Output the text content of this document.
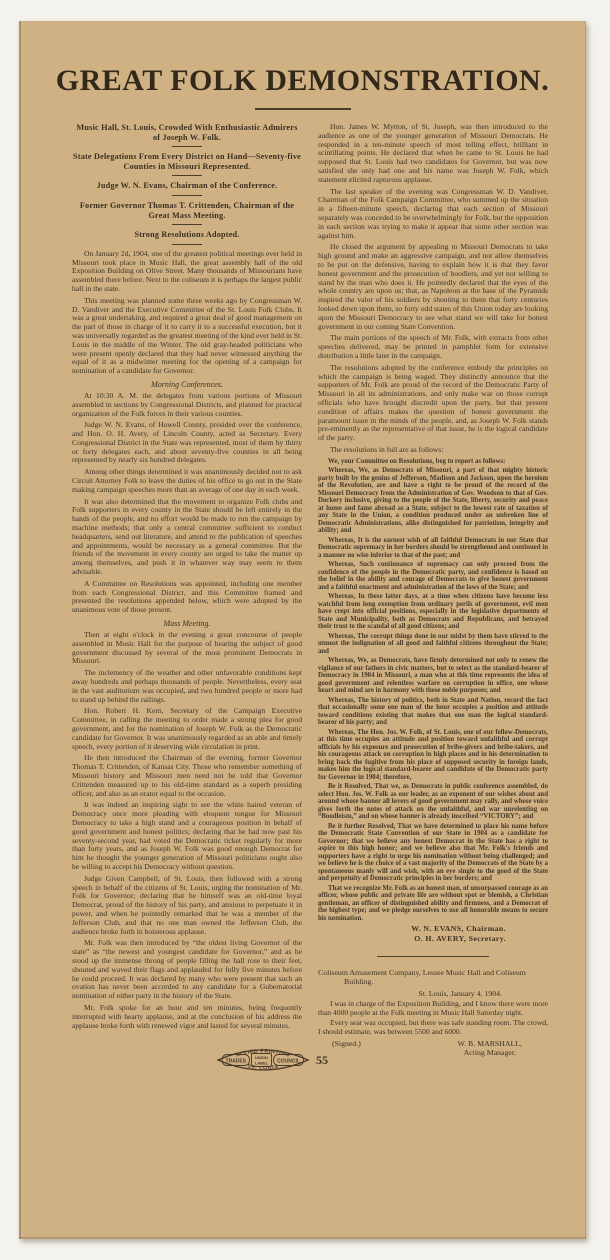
GREAT FOLK DEMONSTRATION.
Music Hall, St. Louis, Crowded With Enthusiastic Admirers of Joseph W. Folk.
State Delegations From Every District on Hand—Seventy-five Counties in Missouri Represented.
Judge W. N. Evans, Chairman of the Conference.
Former Governor Thomas T. Crittenden, Chairman of the Great Mass Meeting.
Strong Resolutions Adopted.

On January 2d, 1904, one of the greatest political meetings ever held in Missouri took place in Music Hall, the great assembly hall of the old Exposition Building on Olive Street. Many thousands of Missourians have assembled there before. Next to the coliseum it is perhaps the largest public hall in the state.

This meeting was planned some three weeks ago by Congressman W. D. Vandiver and the Executive Committee of the St. Louis Folk Clubs. It was a great undertaking, and required a great deal of good management on the part of those in charge of it to carry it to a successful execution, but it was universally regarded as the greatest meeting of the kind ever held in St. Louis in the middle of the Winter. The old gray-headed politicians who were present openly declared that they had never witnessed anything the equal of it as a midwinter meeting for the opening of a campaign for nomination of a candidate for Governor.

Morning Conferences.

At 10:30 A. M. the delegates from various portions of Missouri assembled in sections by Congressional Districts, and planned for practical organization of the Folk forces in their various counties.

Judge W. N. Evans, of Howell County, presided over the conference, and Hon. O. H. Avery, of Lincoln County, acted as Secretary. Every Congressional District in the State was represented, most of them by thirty or forty delegates each, and about seventy-five counties in all being represented by nearly six hundred delegates.

Among other things determined it was unanimously decided not to ask Circuit Attorney Folk to leave the duties of his office to go out in the State making campaign speeches more than an average of one day in each week.

It was also determined that the movement to organize Folk clubs and Folk supporters in every county in the State should be left entirely in the hands of the people, and no effort would be made to run the campaign by machine methods; that only a central committee sufficient to conduct headquarters, send out literature, and attend to the publication of speeches and appointments, would be necessary as a general committee. But the friends of the movement in every county are urged to take the matter up among themselves, and push it in whatever way may seem to them advisable.

A Committee on Resolutions was appointed, including one member from each Congressional District, and this Committee framed and presented the resolutions appended below, which were adopted by the unanimous vote of those present.

Mass Meeting.

Then at eight o'clock in the evening a great concourse of people assembled in Music Hall for the purpose of hearing the subject of good government discussed by several of the most prominent Democrats in Missouri.

The inclemency of the weather and other unfavorable conditions kept away hundreds and perhaps thousands of people. Nevertheless, every seat in the vast auditorium was occupied, and two hundred people or more had to stand up behind the railings.

Hon. Robert H. Kern, Secretary of the Campaign Executive Committee, in calling the meeting to order made a strong plea for good government, and for the nomination of Joseph W. Folk as the Democratic candidate for Governor. It was unanimously regarded as an able and timely speech, every portion of it deserving wide circulation in print.

He then introduced the Chairman of the evening, former Governor Thomas T. Crittenden, of Kansas City. Those who remember something of Missouri history and Missouri men need not be told that Governor Crittenden measured up to his old-time standard as a superb presiding officer, and also as an orator equal to the occasion.

It was indeed an inspiring sight to see the white haired veteran of Democracy once more pleading with eloquent tongue for Missouri Democracy to take a high stand and a courageous position in behalf of good government and honest politics; declaring that he had now past his seventy-second year, had voted the Democratic ticket regularly for more than forty years, and as Joseph W. Folk was good enough Democrat for him he thought the younger generation of Missouri politicians ought also be willing to accept his Democracy without question.

Judge Given Campbell, of St. Louis, then followed with a strong speech in behalf of the citizens of St. Louis, urging the nomination of Mr. Folk for Governor; declaring that he himself was an old-time loyal Democrat, proud of the history of his party, and anxious to perpetuate it in power, and when he pointedly remarked that he was a member of the Jefferson Club, and that no one man owned the Jefferson Club, the audience broke forth in boisterous applause.

Mr. Folk was then introduced by “the oldest living Governor of the state” as “the newest and youngest candidate for Governor,” and as he stood up the immense throng of people filling the hall rose to their feet, shouted and waved their flags and applauded for fully five minutes before he could proceed. It was declared by many who were present that such an ovation has never been accorded to any candidate for a Gubernatorial nomination of either party in the history of the State.

Mr. Folk spoke for an hour and ten minutes, being frequently interrupted with hearty applause, and at the conclusion of his address the applause broke forth with renewed vigor and lasted for several minutes.

ALLIED PRINTING
ST. LOUIS
TRADES
UNION
LABEL COUNCIL 55

Hon. James W. Mytton, of St. Joseph, was then introduced to the audience as one of the younger generation of Missouri Democrats. He responded in a ten-minute speech of most telling effect, brilliant in scintillating points. He declared that when he came to St. Louis he had supposed that St. Louis had two candidates for Governor, but was now satisfied she only had one and his name was Joseph W. Folk, which statement elicited rapturous applause.

The last speaker of the evening was Congressman W. D. Vandiver, Chairman of the Folk Campaign Committee, who summed up the situation in a fifteen-minute speech, declaring that each section of Missouri separately was conceded to be overwhelmingly for Folk, but the opposition in each section was trying to make it appear that some other section was against him.

He closed the argument by appealing to Missouri Democrats to take high ground and make an aggressive campaign, and not allow themselves to be put on the defensive, having to explain how it is that they favor honest government and the prosecution of boodlers, and yet not willing to stand by the man who does it. He pointedly declared that the eyes of the whole country are upon us; that, as Napoleon at the base of the Pyramids inspired the valor of his soldiers by shouting to them that forty centuries looked down upon them, so forty odd states of this Union today are looking upon the Missouri Democracy to see what stand we will take for honest government in our coming State Convention.

The main portions of the speech of Mr. Folk, with extracts from other speeches delivered, may be printed in pamphlet form for extensive distribution a little later in the campaign.

The resolutions adopted by the conference embody the principles on which the campaign is being waged. They distinctly announce that the supporters of Mr. Folk are proud of the record of the Democratic Party of Missouri in all its administrations, and only make war on those corrupt officials who have brought discredit upon the party, but that present condition of affairs makes the question of honest government the paramount issue in the minds of the people, and, as Joseph W. Folk stands pre-eminently as the representative of that issue, he is the logical candidate of the party.

The resolutions in full are as follows:

We, your Committee on Resolutions, beg to report as follows:

Whereas, We, as Democrats of Missouri, a part of that mighty historic party built by the genius of Jefferson, Madison and Jackson, upon the heroism of the Revolution, are and have a right to be proud of the record of the Missouri Democracy from the Administration of Gov. Woodson to that of Gov. Dockery inclusive, giving to the people of the State, liberty, security and peace at home and fame abroad as a State, subject to the lowest rate of taxation of any State in the Union, a condition produced under an unbroken line of Democratic Administrations, alike distinguished for patriotism, integrity and ability; and

Whereas, It is the earnest wish of all faithful Democrats in our State that Democratic supremacy in her borders should be strengthened and continued in a manner no wise inferior to that of the past; and

Whereas, Such continuance of supremacy can only proceed from the confidence of the people in the Democratic party, and confidence is based on the belief in the ability and courage of Democrats to give honest government and a faithful enactment and administration of the laws of the State; and

Whereas, In these latter days, at a time when citizens have become less watchful from long exemption from ordinary perils of government, evil men have crept into official positions, especially in the legislative departments of State and Municipality, both as Democrats and Republicans, and betrayed their trust to the scandal of all good citizens; and

Whereas, The corrupt things done in our midst by them have stirred to the utmost the indignation of all good and faithful citizens throughout the State; and

Whereas, We, as Democrats, have firmly determined not only to renew the vigilance of our fathers in civic matters, but to select as the standard-bearer of Democracy in 1904 in Missouri, a man who at this time represents the idea of good government and relentless warfare on corruption in office, one whose heart and mind are in harmony with these noble purposes; and

Whereas, The history of politics, both in State and Nation, record the fact that occasionally some one man of the hour occupies a position and attitude toward conditions existing that makes that one man the logical standard-bearer of his party; and

Whereas, The Hon. Jos. W. Folk, of St. Louis, one of our fellow-Democrats, at this time occupies an attitude and position toward unfaithful and corrupt officials by his exposure and prosecution of bribe-givers and bribe-takers, and his courageous attack on corruption in high places and in his determination to bring back the fugitive from his place of supposed security in foreign lands, makes him the logical standard-bearer and candidate of the Democratic party for Governor in 1904; therefore,

Be it Resolved, That we, as Democrats in public conference assembled, do select Hon. Jos. W. Folk as our leader, as an exponent of our wishes about and around whose banner all lovers of good government may rally, and whose voice gives forth the notes of attack on the unfaithful, and war unrelenting on “Boodleism,” and on whose banner is already inscribed “VICTORY”; and

Be it further Resolved, That we have determined to place his name before the Democratic State Convention of our State in 1904 as a candidate for Governor; that we believe any honest Democrat in the State has a right to aspire to this high honor; and we believe also that Mr. Folk's friends and supporters have a right to urge his nomination without being challenged; and we believe he is the choice of a vast majority of the Democrats of the State by a spontaneous manly will and wish, with an eye single to the good of the State and perpetuity of Democratic principles in her borders; and

That we recognize Mr. Folk as an honest man, of unsurpassed courage as an officer, whose public and private life are without spot or blemish, a Christian gentleman, an officer of distinguished ability and firmness, and a Democrat of the highest type; and we pledge ourselves to use all honorable means to secure his nomination.

W. N. EVANS, Chairman.
O. H. AVERY, Secretary.

Coliseum Amusement Company, Lessee Music Hall and Coliseum Building.

St. Louis, January 4, 1904.

I was in charge of the Exposition Building, and I know there were more than 4000 people at the Folk meeting in Music Hall Saturday night.

Every seat was occupied, but there was safe standing room. The crowd, I should estimate, was between 5500 and 6000.

(Signed.)	W. B. MARSHALL,
Acting Manager.
